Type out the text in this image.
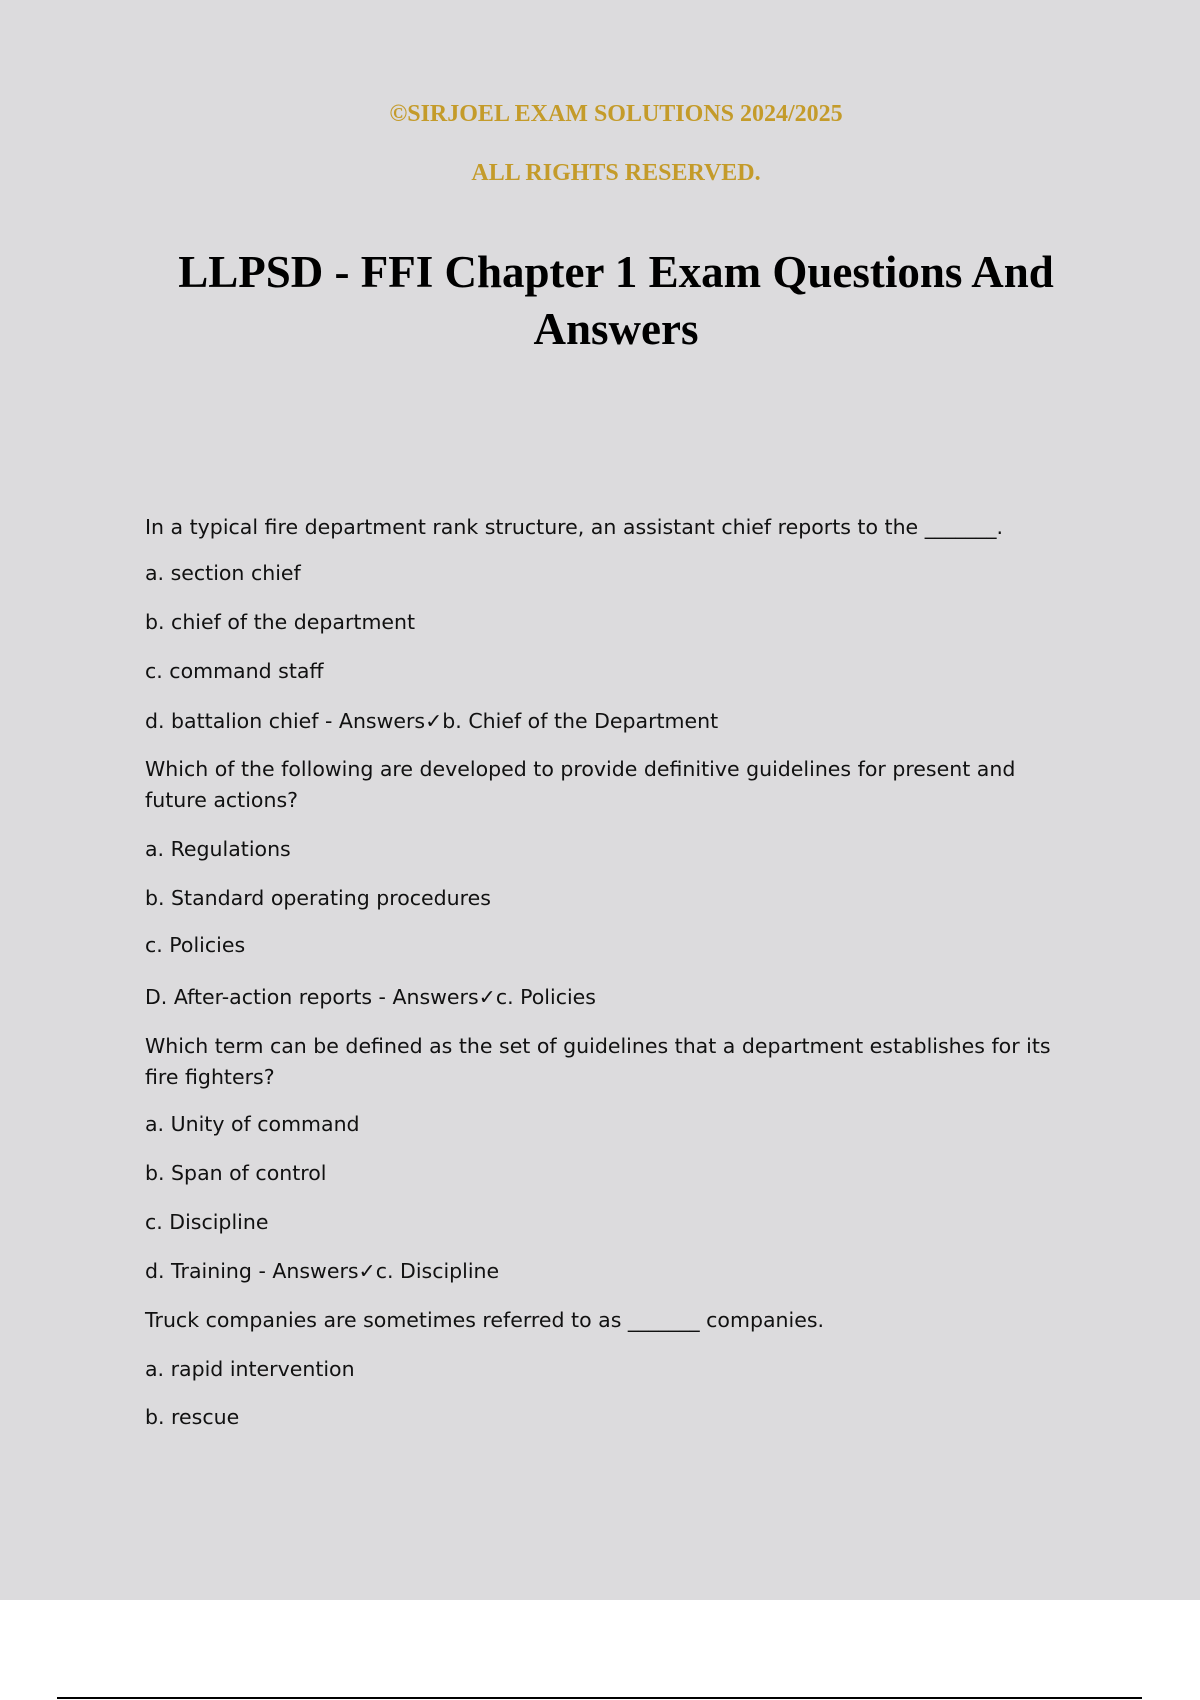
©SIRJOEL EXAM SOLUTIONS 2024/2025

ALL RIGHTS RESERVED.

LLPSD - FFI Chapter 1 Exam Questions And Answers

In a typical fire department rank structure, an assistant chief reports to the _______.

a. section chief

b. chief of the department

c. command staff

d. battalion chief - Answers✓b. Chief of the Department

Which of the following are developed to provide definitive guidelines for present and future actions?

a. Regulations

b. Standard operating procedures

c. Policies

D. After-action reports - Answers✓c. Policies

Which term can be defined as the set of guidelines that a department establishes for its fire fighters?

a. Unity of command

b. Span of control

c. Discipline

d. Training - Answers✓c. Discipline

Truck companies are sometimes referred to as _______ companies.

a. rapid intervention

b. rescue
